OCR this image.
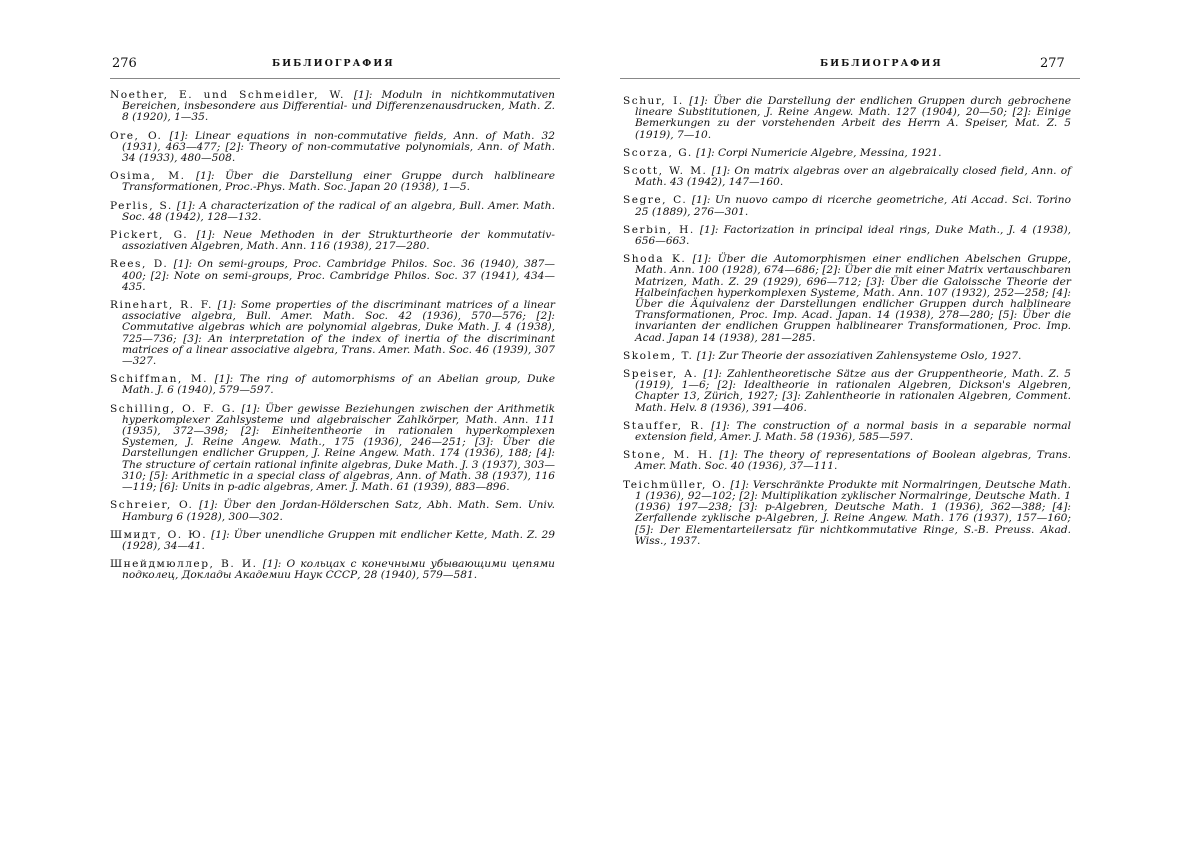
276	БИБЛИОГРАФИЯ

Noether, E. und Schmeidler, W. [1]: Moduln in nichtkommutativen Bereichen, insbesondere aus Differential- und Differenzenausdrucken, Math. Z. 8 (1920), 1—35.

Ore, O. [1]: Linear equations in non-commutative fields, Ann. of Math. 32 (1931), 463—477; [2]: Theory of non-commutative polynomials, Ann. of Math. 34 (1933), 480—508.

Osima, M. [1]: Über die Darstellung einer Gruppe durch halblineare Transformationen, Proc.-Phys. Math. Soc. Japan 20 (1938), 1—5.

Perlis, S. [1]: A characterization of the radical of an algebra, Bull. Amer. Math. Soc. 48 (1942), 128—132.

Pickert, G. [1]: Neue Methoden in der Strukturtheorie der kommutativ-assoziativen Algebren, Math. Ann. 116 (1938), 217—280.

Rees, D. [1]: On semi-groups, Proc. Cambridge Philos. Soc. 36 (1940), 387—400; [2]: Note on semi-groups, Proc. Cambridge Philos. Soc. 37 (1941), 434—435.

Rinehart, R. F. [1]: Some properties of the discriminant matrices of a linear associative algebra, Bull. Amer. Math. Soc. 42 (1936), 570—576; [2]: Commutative algebras which are polynomial algebras, Duke Math. J. 4 (1938), 725—736; [3]: An interpretation of the index of inertia of the discriminant matrices of a linear associative algebra, Trans. Amer. Math. Soc. 46 (1939), 307—327.

Schiffman, M. [1]: The ring of automorphisms of an Abelian group, Duke Math. J. 6 (1940), 579—597.

Schilling, O. F. G. [1]: Über gewisse Beziehungen zwischen der Arithmetik hyperkomplexer Zahlsysteme und algebraischer Zahlkörper, Math. Ann. 111 (1935), 372—398; [2]: Einheitentheorie in rationalen hyperkomplexen Systemen, J. Reine Angew. Math., 175 (1936), 246—251; [3]: Über die Darstellungen endlicher Gruppen, J. Reine Angew. Math. 174 (1936), 188; [4]: The structure of certain rational infinite algebras, Duke Math. J. 3 (1937), 303—310; [5]: Arithmetic in a special class of algebras, Ann. of Math. 38 (1937), 116—119; [6]: Units in p-adic algebras, Amer. J. Math. 61 (1939), 883—896.

Schreier, O. [1]: Über den Jordan-Hölderschen Satz, Abh. Math. Sem. Univ. Hamburg 6 (1928), 300—302.

Шмидт, О. Ю. [1]: Über unendliche Gruppen mit endlicher Kette, Math. Z. 29 (1928), 34—41.

Шнейдмюллер, В. И. [1]: О кольцах с конечными убывающими цепями подколец, Доклады Академии Наук СССР, 28 (1940), 579—581.

БИБЛИОГРАФИЯ	277

Schur, I. [1]: Über die Darstellung der endlichen Gruppen durch gebrochene lineare Substitutionen, J. Reine Angew. Math. 127 (1904), 20—50; [2]: Einige Bemerkungen zu der vorstehenden Arbeit des Herrn A. Speiser, Mat. Z. 5 (1919), 7—10.

Scorza, G. [1]: Corpi Numericie Algebre, Messina, 1921.

Scott, W. M. [1]: On matrix algebras over an algebraically closed field, Ann. of Math. 43 (1942), 147—160.

Segre, C. [1]: Un nuovo campo di ricerche geometriche, Ati Accad. Sci. Torino 25 (1889), 276—301.

Serbin, H. [1]: Factorization in principal ideal rings, Duke Math., J. 4 (1938), 656—663.

Shoda K. [1]: Über die Automorphismen einer endlichen Abelschen Gruppe, Math. Ann. 100 (1928), 674—686; [2]: Über die mit einer Matrix vertauschbaren Matrizen, Math. Z. 29 (1929), 696—712; [3]: Über die Galoissche Theorie der Halbeinfachen hyperkomplexen Systeme, Math. Ann. 107 (1932), 252—258; [4]: Über die Äquivalenz der Darstellungen endlicher Gruppen durch halblineare Transformationen, Proc. Imp. Acad. Japan. 14 (1938), 278—280; [5]: Über die invarianten der endlichen Gruppen halblinearer Transformationen, Proc. Imp. Acad. Japan 14 (1938), 281—285.

Skolem, T. [1]: Zur Theorie der assoziativen Zahlensysteme Oslo, 1927.

Speiser, A. [1]: Zahlentheoretische Sätze aus der Gruppentheorie, Math. Z. 5 (1919), 1—6; [2]: Idealtheorie in rationalen Algebren, Dickson's Algebren, Chapter 13, Zürich, 1927; [3]: Zahlentheorie in rationalen Algebren, Comment. Math. Helv. 8 (1936), 391—406.

Stauffer, R. [1]: The construction of a normal basis in a separable normal extension field, Amer. J. Math. 58 (1936), 585—597.

Stone, M. H. [1]: The theory of representations of Boolean algebras, Trans. Amer. Math. Soc. 40 (1936), 37—111.

Teichmüller, O. [1]: Verschränkte Produkte mit Normalringen, Deutsche Math. 1 (1936), 92—102; [2]: Multiplikation zyklischer Normalringe, Deutsche Math. 1 (1936) 197—238; [3]: p-Algebren, Deutsche Math. 1 (1936), 362—388; [4]: Zerfallende zyklische p-Algebren, J. Reine Angew. Math. 176 (1937), 157—160; [5]: Der Elementarteilersatz für nichtkommutative Ringe, S.-B. Preuss. Akad. Wiss., 1937.
